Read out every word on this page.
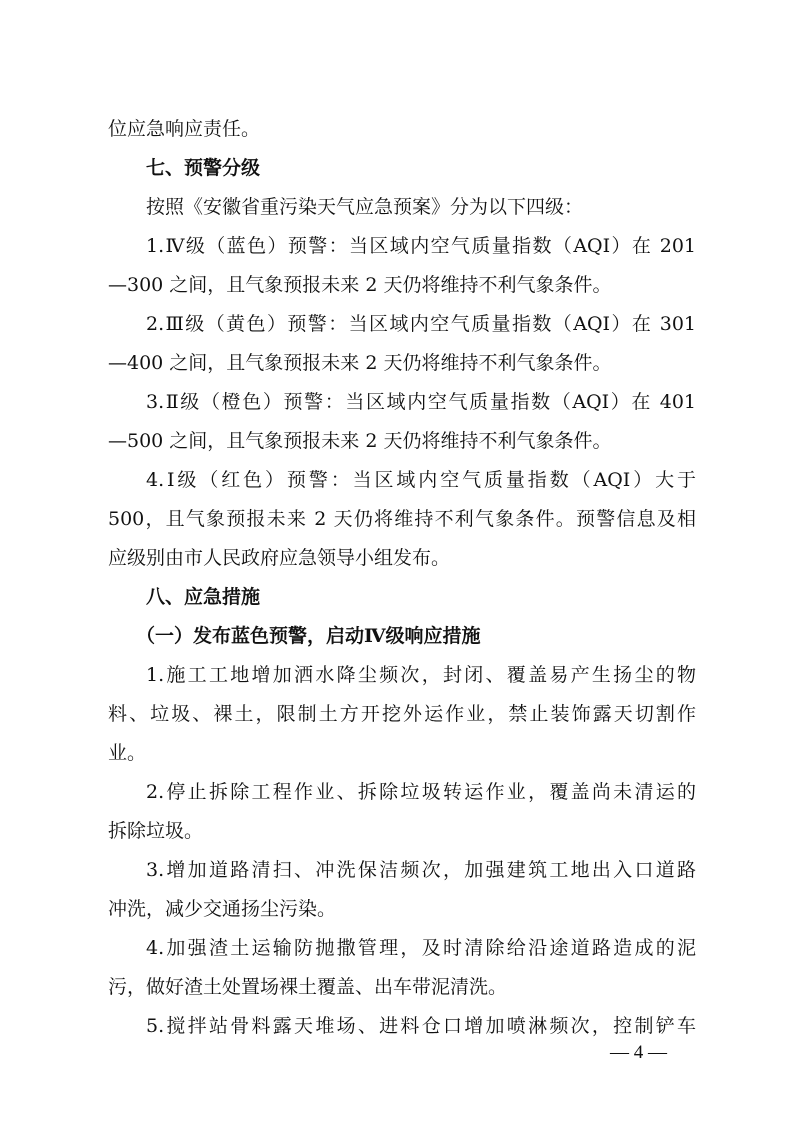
位应急响应责任。
七、预警分级
按照《安徽省重污染天气应急预案》分为以下四级：
1.Ⅳ级（蓝色）预警：当区域内空气质量指数（AQI）在 201
—300 之间，且气象预报未来 2 天仍将维持不利气象条件。
2.Ⅲ级（黄色）预警：当区域内空气质量指数（AQI）在 301
—400 之间，且气象预报未来 2 天仍将维持不利气象条件。
3.Ⅱ级（橙色）预警：当区域内空气质量指数（AQI）在 401
—500 之间，且气象预报未来 2 天仍将维持不利气象条件。
4.Ⅰ级（红色）预警：当区域内空气质量指数（AQI）大于
500，且气象预报未来 2 天仍将维持不利气象条件。预警信息及相
应级别由市人民政府应急领导小组发布。
八、应急措施
（一）发布蓝色预警，启动Ⅳ级响应措施
1.施工工地增加洒水降尘频次，封闭、覆盖易产生扬尘的物
料、垃圾、裸土，限制土方开挖外运作业，禁止装饰露天切割作
业。
2.停止拆除工程作业、拆除垃圾转运作业，覆盖尚未清运的
拆除垃圾。
3.增加道路清扫、冲洗保洁频次，加强建筑工地出入口道路
冲洗，减少交通扬尘污染。
4.加强渣土运输防抛撒管理，及时清除给沿途道路造成的泥
污，做好渣土处置场裸土覆盖、出车带泥清洗。
5.搅拌站骨料露天堆场、进料仓口增加喷淋频次，控制铲车
— 4 —
